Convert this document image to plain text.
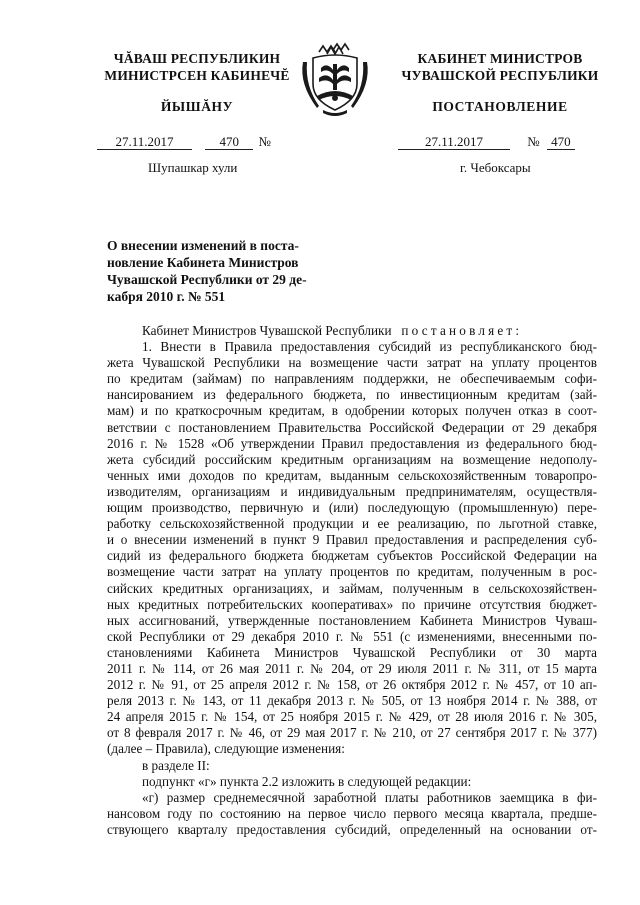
ЧĂВАШ РЕСПУБЛИКИН
МИНИСТРСЕН КАБИНЕЧĔ
ЙЫШĂНУ
КАБИНЕТ МИНИСТРОВ
ЧУВАШСКОЙ РЕСПУБЛИКИ
ПОСТАНОВЛЕНИЕ
27.11.2017	470 №	27.11.2017	№ 470
Шупашкар хули	г. Чебоксары
О внесении изменений в поста-
новление Кабинета Министров
Чувашской Республики от 29 де-
кабря 2010 г. № 551
Кабинет Министров Чувашской Республики постановляет:
1. Внести в Правила предоставления субсидий из республиканского бюд-
жета Чувашской Республики на возмещение части затрат на уплату процентов
по кредитам (займам) по направлениям поддержки, не обеспечиваемым софи-
нансированием из федерального бюджета, по инвестиционным кредитам (зай-
мам) и по краткосрочным кредитам, в одобрении которых получен отказ в соот-
ветствии с постановлением Правительства Российской Федерации от 29 декабря
2016 г. № 1528 «Об утверждении Правил предоставления из федерального бюд-
жета субсидий российским кредитным организациям на возмещение недополу-
ченных ими доходов по кредитам, выданным сельскохозяйственным товаропро-
изводителям, организациям и индивидуальным предпринимателям, осуществля-
ющим производство, первичную и (или) последующую (промышленную) пере-
работку сельскохозяйственной продукции и ее реализацию, по льготной ставке,
и о внесении изменений в пункт 9 Правил предоставления и распределения суб-
сидий из федерального бюджета бюджетам субъектов Российской Федерации на
возмещение части затрат на уплату процентов по кредитам, полученным в рос-
сийских кредитных организациях, и займам, полученным в сельскохозяйствен-
ных кредитных потребительских кооперативах» по причине отсутствия бюджет-
ных ассигнований, утвержденные постановлением Кабинета Министров Чуваш-
ской Республики от 29 декабря 2010 г. № 551 (с изменениями, внесенными по-
становлениями Кабинета Министров Чувашской Республики от 30 марта
2011 г. № 114, от 26 мая 2011 г. № 204, от 29 июля 2011 г. № 311, от 15 марта
2012 г. № 91, от 25 апреля 2012 г. № 158, от 26 октября 2012 г. № 457, от 10 ап-
реля 2013 г. № 143, от 11 декабря 2013 г. № 505, от 13 ноября 2014 г. № 388, от
24 апреля 2015 г. № 154, от 25 ноября 2015 г. № 429, от 28 июля 2016 г. № 305,
от 8 февраля 2017 г. № 46, от 29 мая 2017 г. № 210, от 27 сентября 2017 г. № 377)
(далее – Правила), следующие изменения:
в разделе II:
подпункт «г» пункта 2.2 изложить в следующей редакции:
«г) размер среднемесячной заработной платы работников заемщика в фи-
нансовом году по состоянию на первое число первого месяца квартала, предше-
ствующего кварталу предоставления субсидий, определенный на основании от-
